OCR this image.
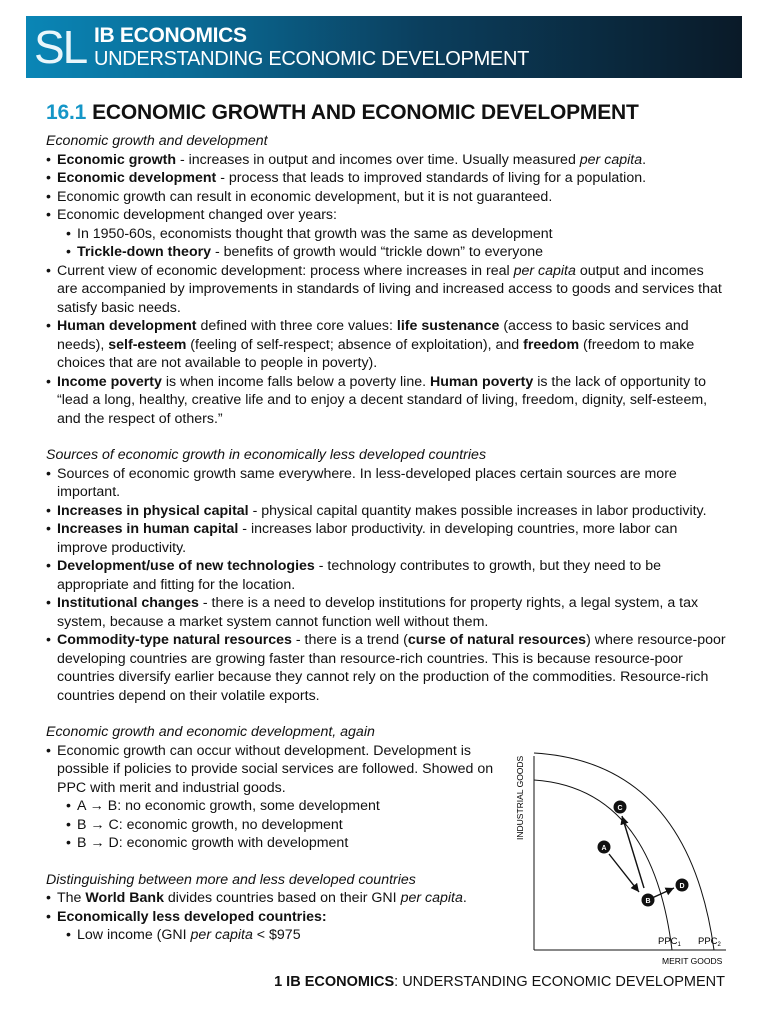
SL IB ECONOMICS
UNDERSTANDING ECONOMIC DEVELOPMENT
16.1 ECONOMIC GROWTH AND ECONOMIC DEVELOPMENT

Economic growth and development

• Economic growth - increases in output and incomes over time. Usually measured per capita.
• Economic development - process that leads to improved standards of living for a population.
• Economic growth can result in economic development, but it is not guaranteed.
• Economic development changed over years:
• In 1950-60s, economists thought that growth was the same as development
• Trickle-down theory - benefits of growth would “trickle down” to everyone
• Current view of economic development: process where increases in real per capita output and incomes are accompanied by improvements in standards of living and increased access to goods and services that satisfy basic needs.
• Human development defined with three core values: life sustenance (access to basic services and needs), self-esteem (feeling of self-respect; absence of exploitation), and freedom (freedom to make choices that are not available to people in poverty).
• Income poverty is when income falls below a poverty line. Human poverty is the lack of opportunity to “lead a long, healthy, creative life and to enjoy a decent standard of living, freedom, dignity, self-esteem, and the respect of others.”

Sources of economic growth in economically less developed countries

• Sources of economic growth same everywhere. In less-developed places certain sources are more important.
• Increases in physical capital - physical capital quantity makes possible increases in labor productivity.
• Increases in human capital - increases labor productivity. in developing countries, more labor can improve productivity.
• Development/use of new technologies - technology contributes to growth, but they need to be appropriate and fitting for the location.
• Institutional changes - there is a need to develop institutions for property rights, a legal system, a tax system, because a market system cannot function well without them.
• Commodity-type natural resources - there is a trend (curse of natural resources) where resource-poor developing countries are growing faster than resource-rich countries. This is because resource-poor countries diversify earlier because they cannot rely on the production of the commodities. Resource-rich countries depend on their volatile exports.

Economic growth and economic development, again

• Economic growth can occur without development. Development is possible if policies to provide social services are followed. Showed on PPC with merit and industrial goods.
• A → B: no economic growth, some development
• B → C: economic growth, no development
• B → D: economic growth with development

Distinguishing between more and less developed countries

• The World Bank divides countries based on their GNI per capita.
• Economically less developed countries:
• Low income (GNI per capita < $975
INDUSTRIAL GOODS
$PPC_1$ $PPC_2$
MERIT GOODS
A
B
C
D
1 IB ECONOMICS: UNDERSTANDING ECONOMIC DEVELOPMENT
